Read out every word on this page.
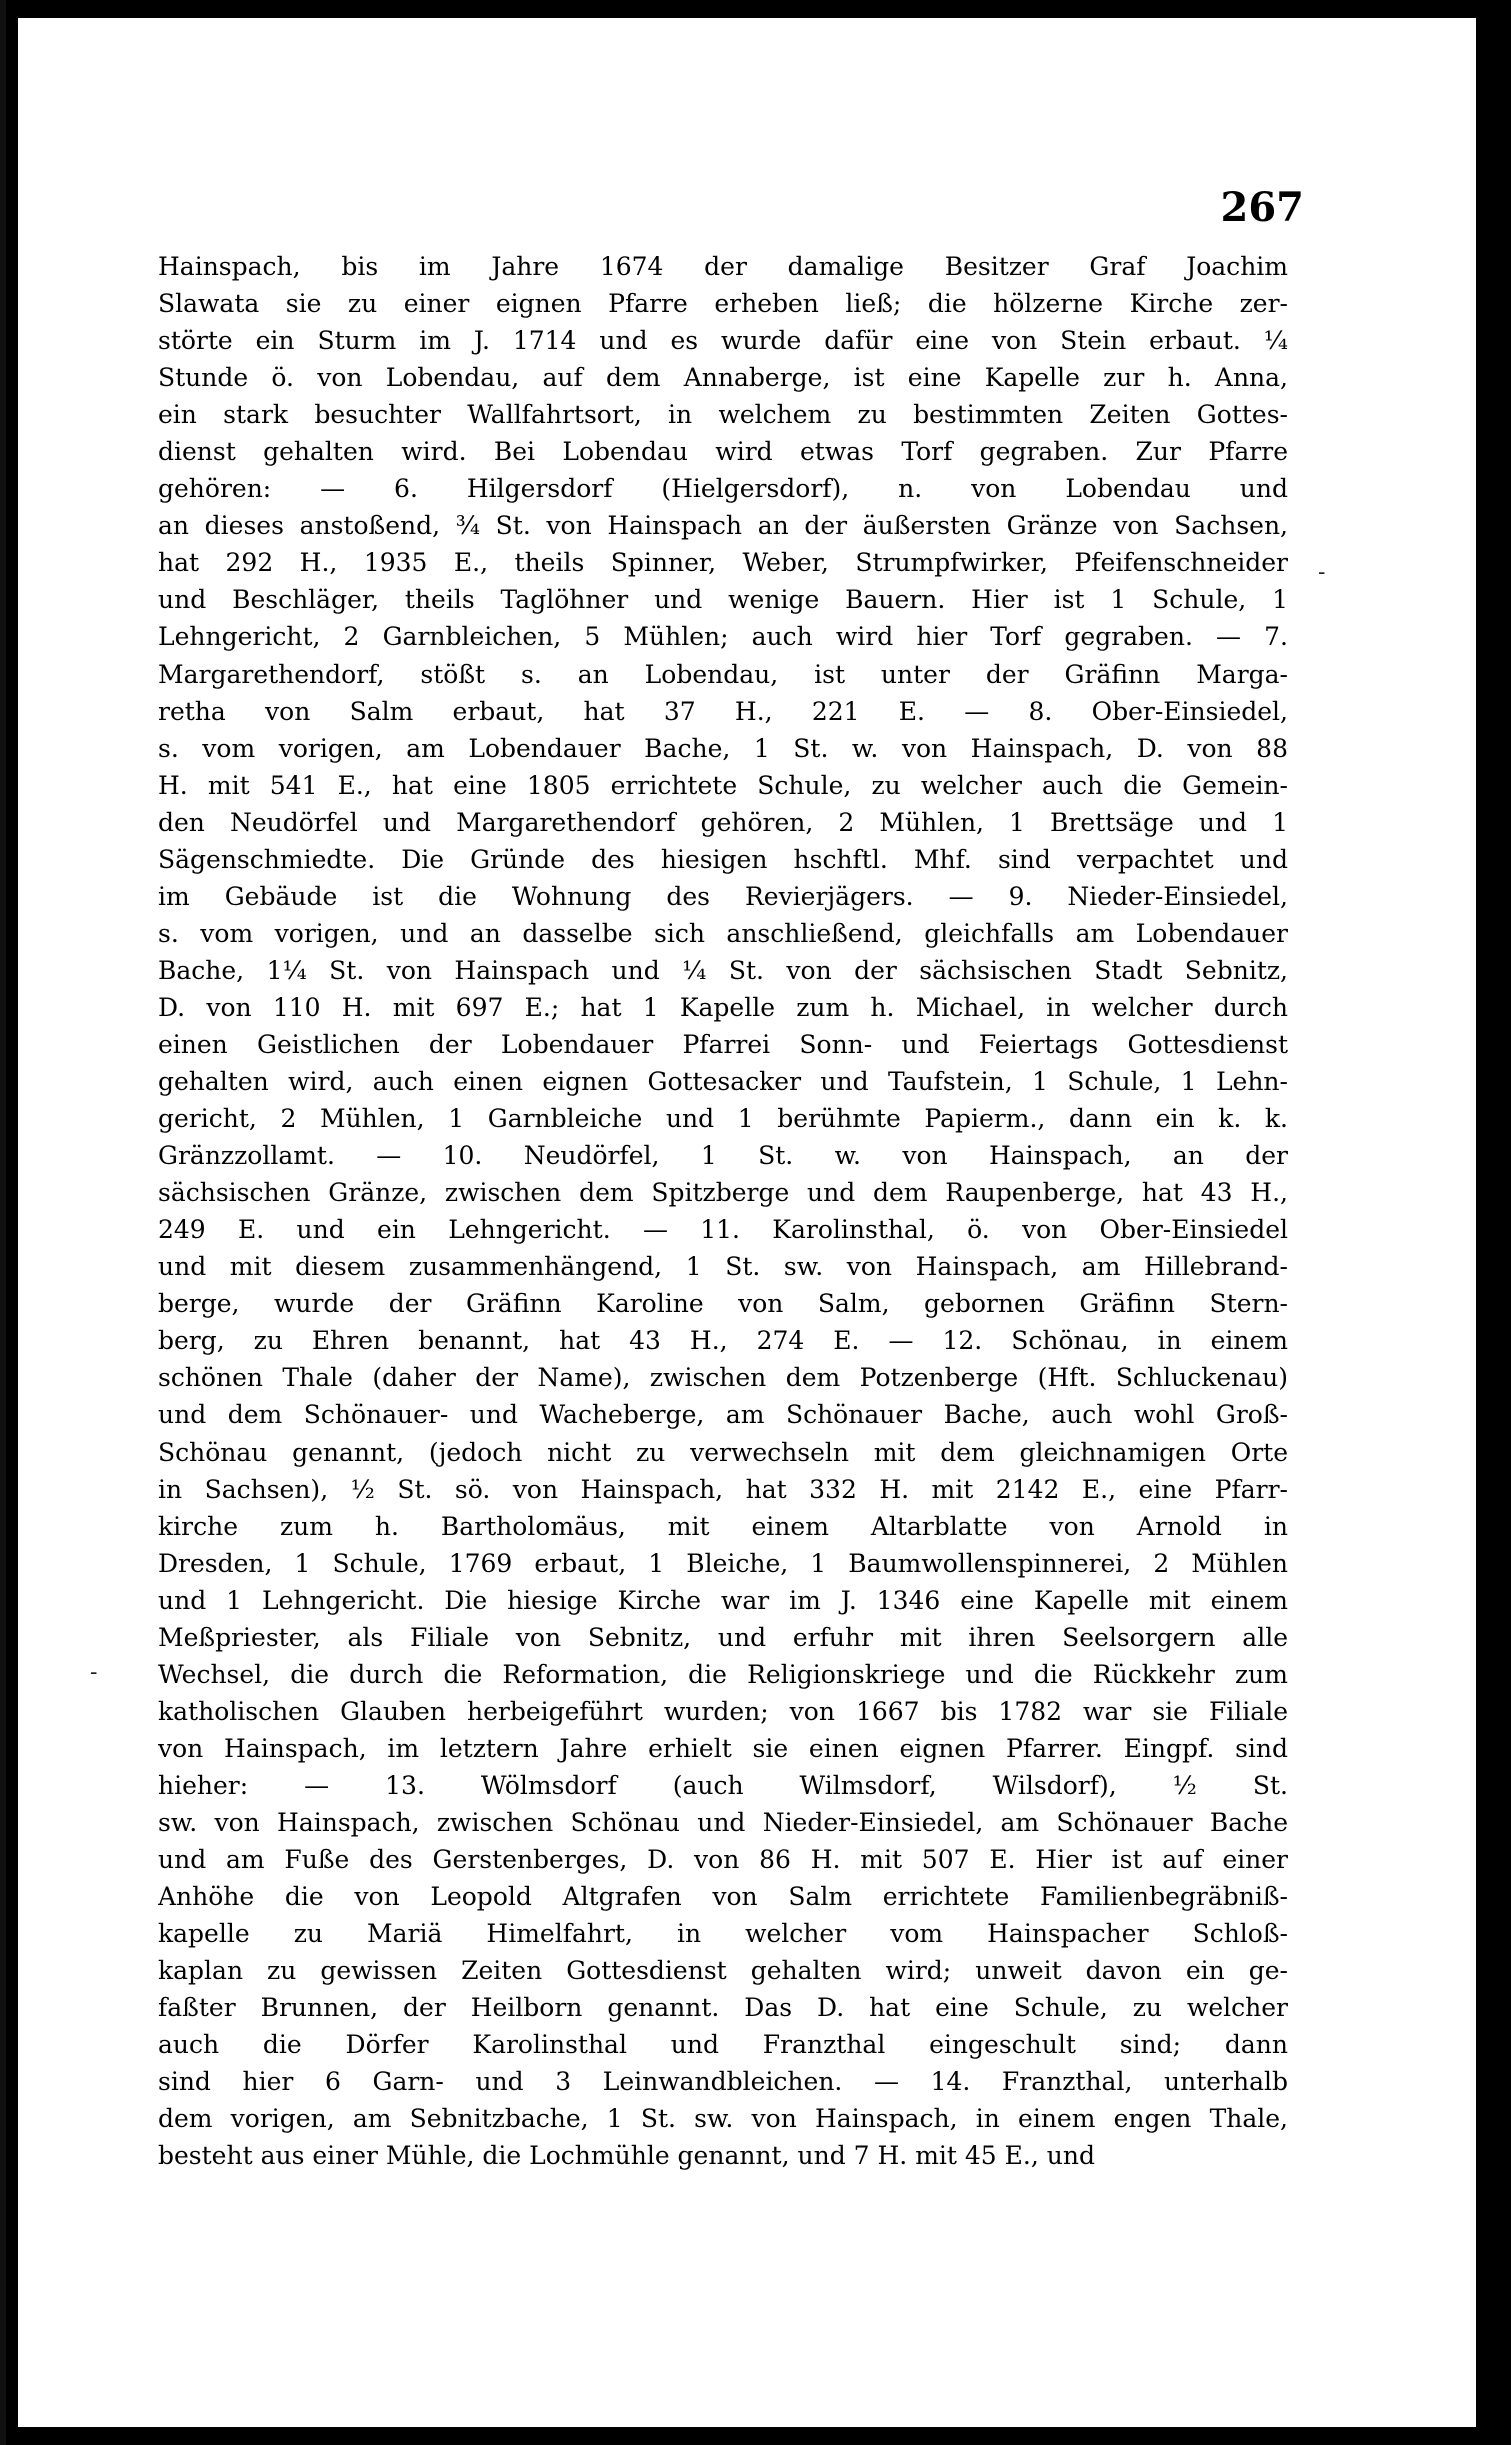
267
Hainspach, bis im Jahre 1674 der damalige Besitzer Graf Joachim
Slawata sie zu einer eignen Pfarre erheben ließ; die hölzerne Kirche zer-
störte ein Sturm im J. 1714 und es wurde dafür eine von Stein erbaut. ¼
Stunde ö. von Lobendau, auf dem Annaberge, ist eine Kapelle zur h. Anna,
ein stark besuchter Wallfahrtsort, in welchem zu bestimmten Zeiten Gottes-
dienst gehalten wird. Bei Lobendau wird etwas Torf gegraben. Zur Pfarre
gehören: — 6. Hilgersdorf (Hielgersdorf), n. von Lobendau und
an dieses anstoßend, ¾ St. von Hainspach an der äußersten Gränze von Sachsen,
hat 292 H., 1935 E., theils Spinner, Weber, Strumpfwirker, Pfeifenschneider
und Beschläger, theils Taglöhner und wenige Bauern. Hier ist 1 Schule, 1
Lehngericht, 2 Garnbleichen, 5 Mühlen; auch wird hier Torf gegraben. — 7.
Margarethendorf, stößt s. an Lobendau, ist unter der Gräfinn Marga-
retha von Salm erbaut, hat 37 H., 221 E. — 8. Ober-Einsiedel,
s. vom vorigen, am Lobendauer Bache, 1 St. w. von Hainspach, D. von 88
H. mit 541 E., hat eine 1805 errichtete Schule, zu welcher auch die Gemein-
den Neudörfel und Margarethendorf gehören, 2 Mühlen, 1 Brettsäge und 1
Sägenschmiedte. Die Gründe des hiesigen hschftl. Mhf. sind verpachtet und
im Gebäude ist die Wohnung des Revierjägers. — 9. Nieder-Einsiedel,
s. vom vorigen, und an dasselbe sich anschließend, gleichfalls am Lobendauer
Bache, 1¼ St. von Hainspach und ¼ St. von der sächsischen Stadt Sebnitz,
D. von 110 H. mit 697 E.; hat 1 Kapelle zum h. Michael, in welcher durch
einen Geistlichen der Lobendauer Pfarrei Sonn- und Feiertags Gottesdienst
gehalten wird, auch einen eignen Gottesacker und Taufstein, 1 Schule, 1 Lehn-
gericht, 2 Mühlen, 1 Garnbleiche und 1 berühmte Papierm., dann ein k. k.
Gränzzollamt. — 10. Neudörfel, 1 St. w. von Hainspach, an der
sächsischen Gränze, zwischen dem Spitzberge und dem Raupenberge, hat 43 H.,
249 E. und ein Lehngericht. — 11. Karolinsthal, ö. von Ober-Einsiedel
und mit diesem zusammenhängend, 1 St. sw. von Hainspach, am Hillebrand-
berge, wurde der Gräfinn Karoline von Salm, gebornen Gräfinn Stern-
berg, zu Ehren benannt, hat 43 H., 274 E. — 12. Schönau, in einem
schönen Thale (daher der Name), zwischen dem Potzenberge (Hft. Schluckenau)
und dem Schönauer- und Wacheberge, am Schönauer Bache, auch wohl Groß-
Schönau genannt, (jedoch nicht zu verwechseln mit dem gleichnamigen Orte
in Sachsen), ½ St. sö. von Hainspach, hat 332 H. mit 2142 E., eine Pfarr-
kirche zum h. Bartholomäus, mit einem Altarblatte von Arnold in
Dresden, 1 Schule, 1769 erbaut, 1 Bleiche, 1 Baumwollenspinnerei, 2 Mühlen
und 1 Lehngericht. Die hiesige Kirche war im J. 1346 eine Kapelle mit einem
Meßpriester, als Filiale von Sebnitz, und erfuhr mit ihren Seelsorgern alle
Wechsel, die durch die Reformation, die Religionskriege und die Rückkehr zum
katholischen Glauben herbeigeführt wurden; von 1667 bis 1782 war sie Filiale
von Hainspach, im letztern Jahre erhielt sie einen eignen Pfarrer. Eingpf. sind
hieher: — 13. Wölmsdorf (auch Wilmsdorf, Wilsdorf), ½ St.
sw. von Hainspach, zwischen Schönau und Nieder-Einsiedel, am Schönauer Bache
und am Fuße des Gerstenberges, D. von 86 H. mit 507 E. Hier ist auf einer
Anhöhe die von Leopold Altgrafen von Salm errichtete Familienbegräbniß-
kapelle zu Mariä Himelfahrt, in welcher vom Hainspacher Schloß-
kaplan zu gewissen Zeiten Gottesdienst gehalten wird; unweit davon ein ge-
faßter Brunnen, der Heilborn genannt. Das D. hat eine Schule, zu welcher
auch die Dörfer Karolinsthal und Franzthal eingeschult sind; dann
sind hier 6 Garn- und 3 Leinwandbleichen. — 14. Franzthal, unterhalb
dem vorigen, am Sebnitzbache, 1 St. sw. von Hainspach, in einem engen Thale,
besteht aus einer Mühle, die Lochmühle genannt, und 7 H. mit 45 E., und
-
-
